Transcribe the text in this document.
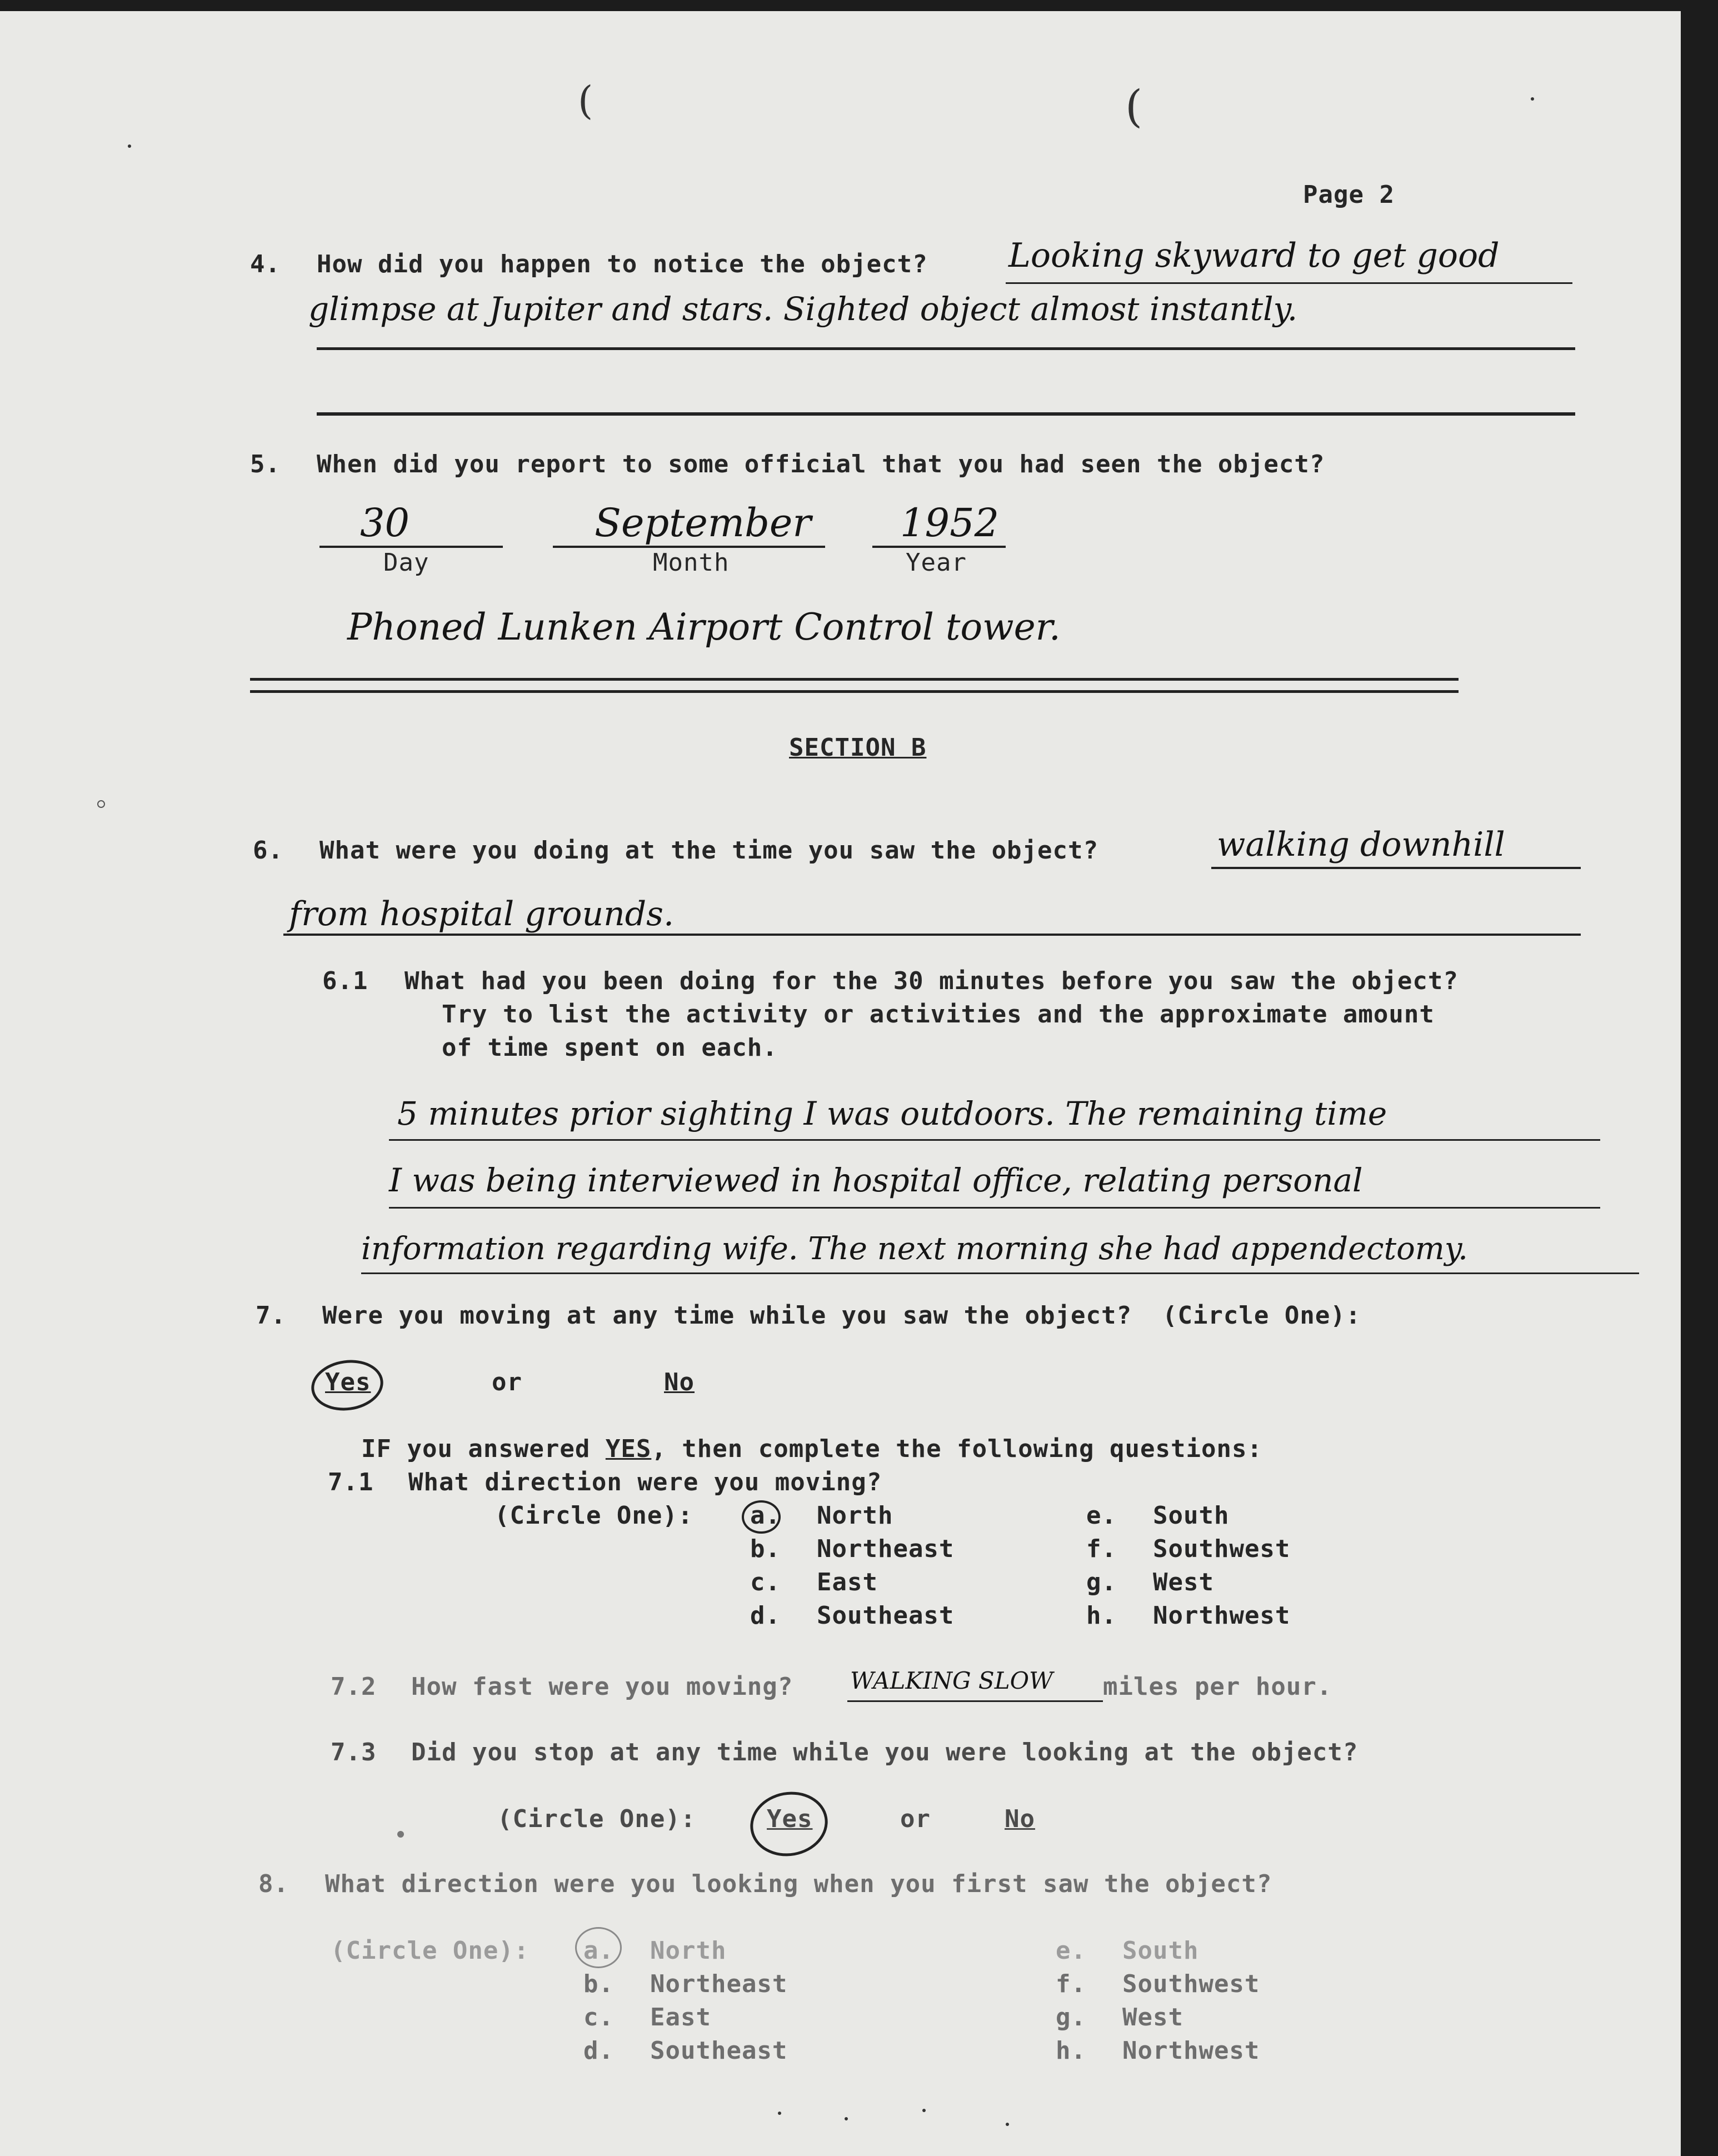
(	(
Page 2
4. How did you happen to notice the object? Looking skyward to get good
glimpse at Jupiter and stars. Sighted object almost instantly.
5. When did you report to some official that you had seen the object?
30
Day
September
Month
1952
Year
Phoned Lunken Airport Control tower.
SECTION B
6. What were you doing at the time you saw the object?	walking downhill
from hospital grounds.
6.1 What had you been doing for the 30 minutes before you saw the object?
Try to list the activity or activities and the approximate amount
of time spent on each.
5 minutes prior sighting I was outdoors. The remaining time
I was being interviewed in hospital office, relating personal
information regarding wife. The next morning she had appendectomy.
7. Were you moving at any time while you saw the object?  (Circle One):
Yes	or	No
IF you answered YES, then complete the following questions:
7.1 What direction were you moving?
(Circle One): a. North
b. Northeast
c. East
d. Southeast
e. South
f. Southwest
g. West
h. Northwest
7.2 How fast were you moving? WALKING SLOW miles per hour.
7.3 Did you stop at any time while you were looking at the object?
(Circle One):	Yes	or	No
8. What direction were you looking when you first saw the object?
(Circle One): a. North
b. Northeast
c. East
d. Southeast
e. South
f. Southwest
g. West
h. Northwest
